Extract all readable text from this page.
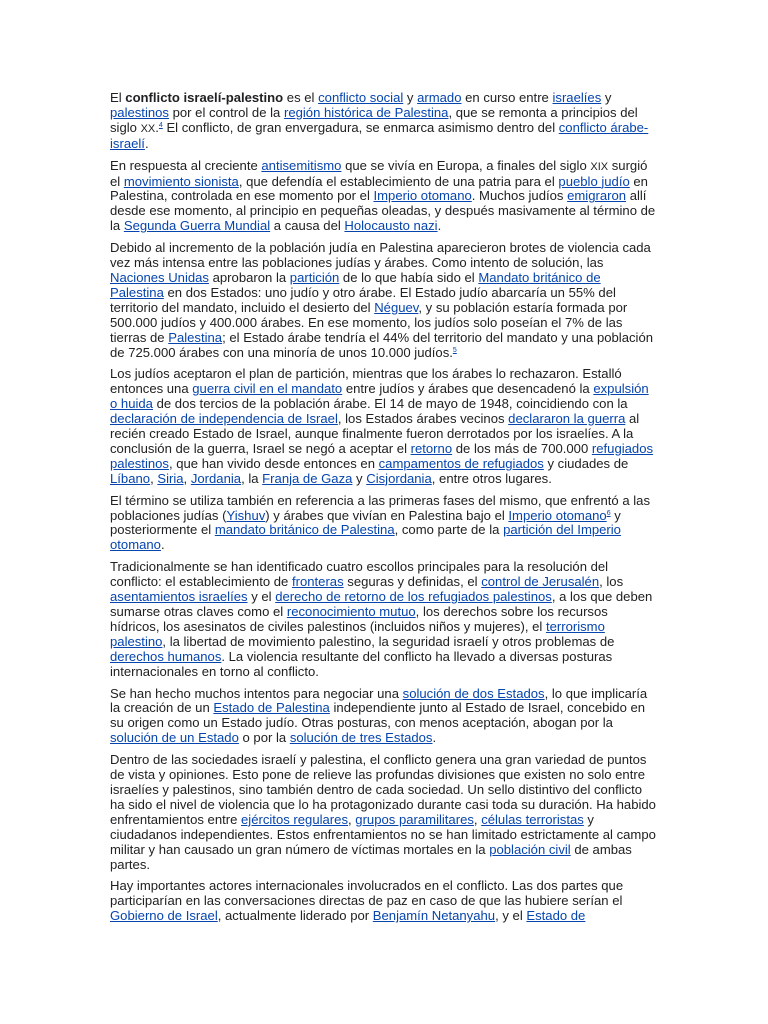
El conflicto israelí-palestino es el conflicto social y armado en curso entre israelíes y palestinos por el control de la región histórica de Palestina, que se remonta a principios del siglo XX.$^4$ El conflicto, de gran envergadura, se enmarca asimismo dentro del conflicto árabe-israelí.

En respuesta al creciente antisemitismo que se vivía en Europa, a finales del siglo XIX surgió el movimiento sionista, que defendía el establecimiento de una patria para el pueblo judío en Palestina, controlada en ese momento por el Imperio otomano. Muchos judíos emigraron allí desde ese momento, al principio en pequeñas oleadas, y después masivamente al término de la Segunda Guerra Mundial a causa del Holocausto nazi.

Debido al incremento de la población judía en Palestina aparecieron brotes de violencia cada vez más intensa entre las poblaciones judías y árabes. Como intento de solución, las Naciones Unidas aprobaron la partición de lo que había sido el Mandato británico de Palestina en dos Estados: uno judío y otro árabe. El Estado judío abarcaría un 55% del territorio del mandato, incluido el desierto del Néguev, y su población estaría formada por 500.000 judíos y 400.000 árabes. En ese momento, los judíos solo poseían el 7% de las tierras de Palestina; el Estado árabe tendría el 44% del territorio del mandato y una población de 725.000 árabes con una minoría de unos 10.000 judíos.$^5$

Los judíos aceptaron el plan de partición, mientras que los árabes lo rechazaron. Estalló entonces una guerra civil en el mandato entre judíos y árabes que desencadenó la expulsión o huida de dos tercios de la población árabe. El 14 de mayo de 1948, coincidiendo con la declaración de independencia de Israel, los Estados árabes vecinos declararon la guerra al recién creado Estado de Israel, aunque finalmente fueron derrotados por los israelíes. A la conclusión de la guerra, Israel se negó a aceptar el retorno de los más de 700.000 refugiados palestinos, que han vivido desde entonces en campamentos de refugiados y ciudades de Líbano, Siria, Jordania, la Franja de Gaza y Cisjordania, entre otros lugares.

El término se utiliza también en referencia a las primeras fases del mismo, que enfrentó a las poblaciones judías (Yishuv) y árabes que vivían en Palestina bajo el Imperio otomano$^6$ y posteriormente el mandato británico de Palestina, como parte de la partición del Imperio otomano.

Tradicionalmente se han identificado cuatro escollos principales para la resolución del conflicto: el establecimiento de fronteras seguras y definidas, el control de Jerusalén, los asentamientos israelíes y el derecho de retorno de los refugiados palestinos, a los que deben sumarse otras claves como el reconocimiento mutuo, los derechos sobre los recursos hídricos, los asesinatos de civiles palestinos (incluidos niños y mujeres), el terrorismo palestino, la libertad de movimiento palestino, la seguridad israelí y otros problemas de derechos humanos. La violencia resultante del conflicto ha llevado a diversas posturas internacionales en torno al conflicto.

Se han hecho muchos intentos para negociar una solución de dos Estados, lo que implicaría la creación de un Estado de Palestina independiente junto al Estado de Israel, concebido en su origen como un Estado judío. Otras posturas, con menos aceptación, abogan por la solución de un Estado o por la solución de tres Estados.

Dentro de las sociedades israelí y palestina, el conflicto genera una gran variedad de puntos de vista y opiniones. Esto pone de relieve las profundas divisiones que existen no solo entre israelíes y palestinos, sino también dentro de cada sociedad. Un sello distintivo del conflicto ha sido el nivel de violencia que lo ha protagonizado durante casi toda su duración. Ha habido enfrentamientos entre ejércitos regulares, grupos paramilitares, células terroristas y ciudadanos independientes. Estos enfrentamientos no se han limitado estrictamente al campo militar y han causado un gran número de víctimas mortales en la población civil de ambas partes.

Hay importantes actores internacionales involucrados en el conflicto. Las dos partes que participarían en las conversaciones directas de paz en caso de que las hubiere serían el Gobierno de Israel, actualmente liderado por Benjamín Netanyahu, y el Estado de
